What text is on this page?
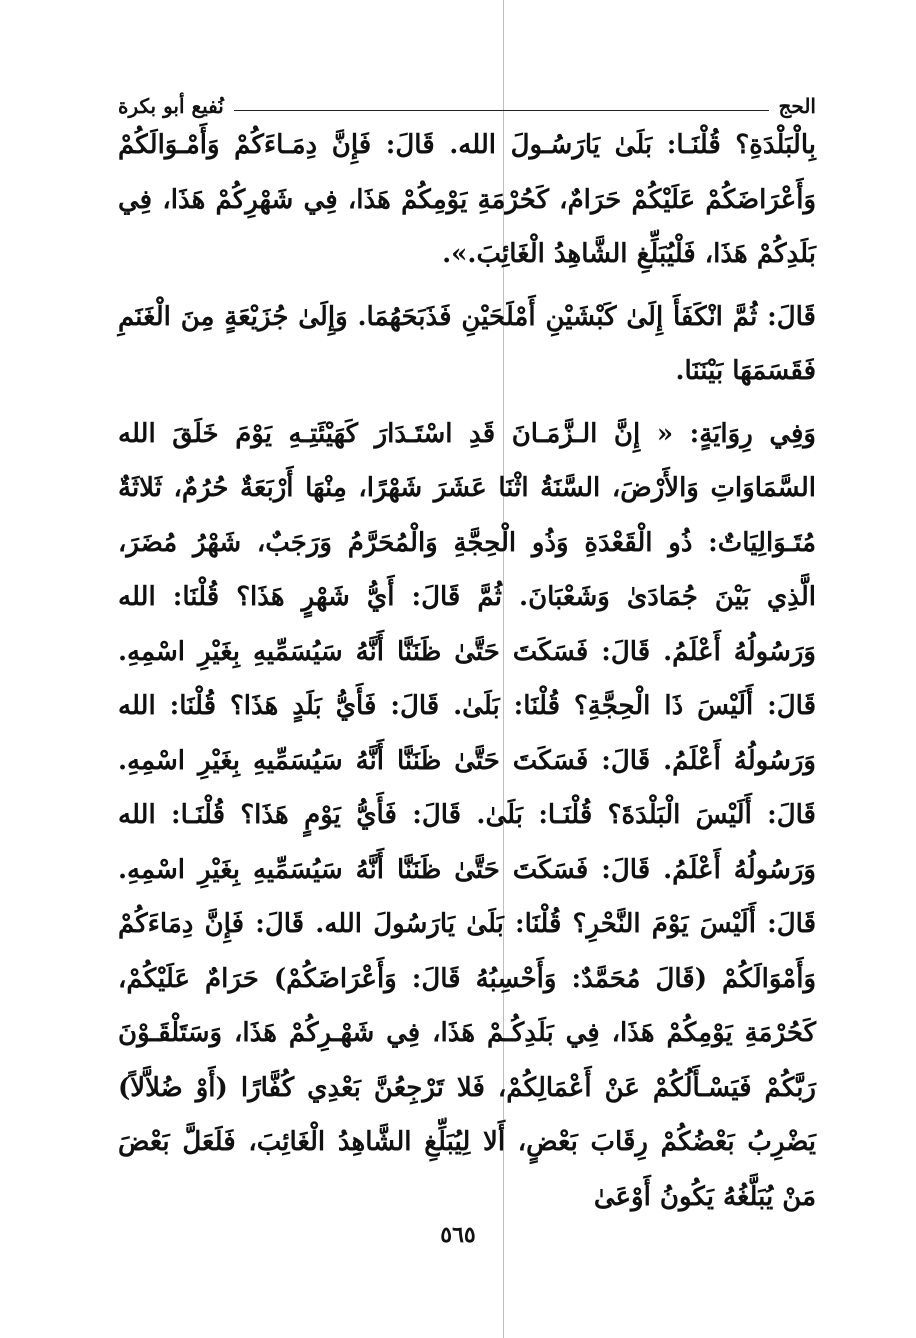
الحج
نُفيع أبو بكرة

بِالْبَلْدَةِ؟ قُلْنَـا: بَلَىٰ يَارَسُـولَ الله. قَالَ: فَإِنَّ دِمَـاءَكُمْ وَأَمْـوَالَكُمْ وَأَعْرَاضَكُمْ عَلَيْكُمْ حَرَامٌ، كَحُرْمَةِ يَوْمِكُمْ هَذَا، فِي شَهْرِكُمْ هَذَا، فِي بَلَدِكُمْ هَذَا، فَلْيُبَلِّغِ الشَّاهِدُ الْغَائِبَ.».

قَالَ: ثُمَّ انْكَفَأَ إِلَىٰ كَبْشَيْنِ أَمْلَحَيْنِ فَذَبَحَهُمَا. وَإِلَىٰ جُزَيْعَةٍ مِنَ الْغَنَمِ فَقَسَمَهَا بَيْنَنَا.

وَفِي رِوَايَةٍ: « إِنَّ الـزَّمَـانَ قَدِ اسْتَـدَارَ كَهَيْئَتِـهِ يَوْمَ خَلَقَ الله السَّمَاوَاتِ وَالأَرْضَ، السَّنَةُ اثْنَا عَشَرَ شَهْرًا، مِنْهَا أَرْبَعَةٌ حُرُمٌ، ثَلاثَةٌ مُتَـوَالِيَاتٌ: ذُو الْقَعْدَةِ وَذُو الْحِجَّةِ وَالْمُحَرَّمُ وَرَجَبٌ، شَهْرُ مُضَرَ، الَّذِي بَيْنَ جُمَادَىٰ وَشَعْبَانَ. ثُمَّ قَالَ: أَيُّ شَهْرٍ هَذَا؟ قُلْنَا: الله وَرَسُولُهُ أَعْلَمُ. قَالَ: فَسَكَتَ حَتَّىٰ ظَنَنَّا أَنَّهُ سَيُسَمِّيهِ بِغَيْرِ اسْمِهِ. قَالَ: أَلَيْسَ ذَا الْحِجَّةِ؟ قُلْنَا: بَلَىٰ. قَالَ: فَأَيُّ بَلَدٍ هَذَا؟ قُلْنَا: الله وَرَسُولُهُ أَعْلَمُ. قَالَ: فَسَكَتَ حَتَّىٰ ظَنَنَّا أَنَّهُ سَيُسَمِّيهِ بِغَيْرِ اسْمِهِ. قَالَ: أَلَيْسَ الْبَلْدَةَ؟ قُلْنَـا: بَلَىٰ. قَالَ: فَأَيُّ يَوْمٍ هَذَا؟ قُلْنَـا: الله وَرَسُولُهُ أَعْلَمُ. قَالَ: فَسَكَتَ حَتَّىٰ ظَنَنَّا أَنَّهُ سَيُسَمِّيهِ بِغَيْرِ اسْمِهِ. قَالَ: أَلَيْسَ يَوْمَ النَّحْرِ؟ قُلْنَا: بَلَىٰ يَارَسُولَ الله. قَالَ: فَإِنَّ دِمَاءَكُمْ وَأَمْوَالَكُمْ (قَالَ مُحَمَّدٌ: وَأَحْسِبُهُ قَالَ: وَأَعْرَاضَكُمْ) حَرَامٌ عَلَيْكُمْ، كَحُرْمَةِ يَوْمِكُمْ هَذَا، فِي بَلَدِكُـمْ هَذَا، فِي شَهْـرِكُمْ هَذَا، وَسَتَلْقَـوْنَ رَبَّكُمْ فَيَسْـأَلُكُمْ عَنْ أَعْمَالِكُمْ، فَلا تَرْجِعُنَّ بَعْدِي كُفَّارًا (أَوْ ضُلاَّلاً) يَضْرِبُ بَعْضُكُمْ رِقَابَ بَعْضٍ، أَلا لِيُبَلِّغِ الشَّاهِدُ الْغَائِبَ، فَلَعَلَّ بَعْضَ مَنْ يُبَلَّغُهُ يَكُونُ أَوْعَىٰ

٥٦٥
